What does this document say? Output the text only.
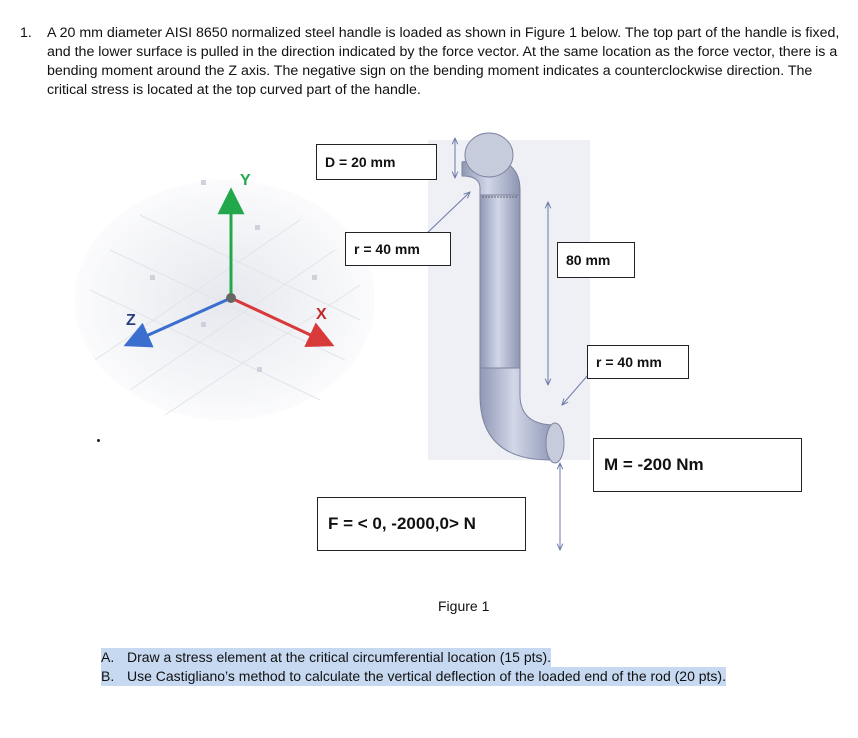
1. A 20 mm diameter AISI 8650 normalized steel handle is loaded as shown in Figure 1 below. The top part of the handle is fixed, and the lower surface is pulled in the direction indicated by the force vector. At the same location as the force vector, there is a bending moment around the Z axis. The negative sign on the bending moment indicates a counterclockwise direction. The critical stress is located at the top curved part of the handle.
Y
Z	X
D = 20 mm
r = 40 mm
80 mm
r = 40 mm
M = -200 Nm
F = < 0, -2000,0> N
Figure 1
A. Draw a stress element at the critical circumferential location (15 pts).
B. Use Castigliano’s method to calculate the vertical deflection of the loaded end of the rod (20 pts).
